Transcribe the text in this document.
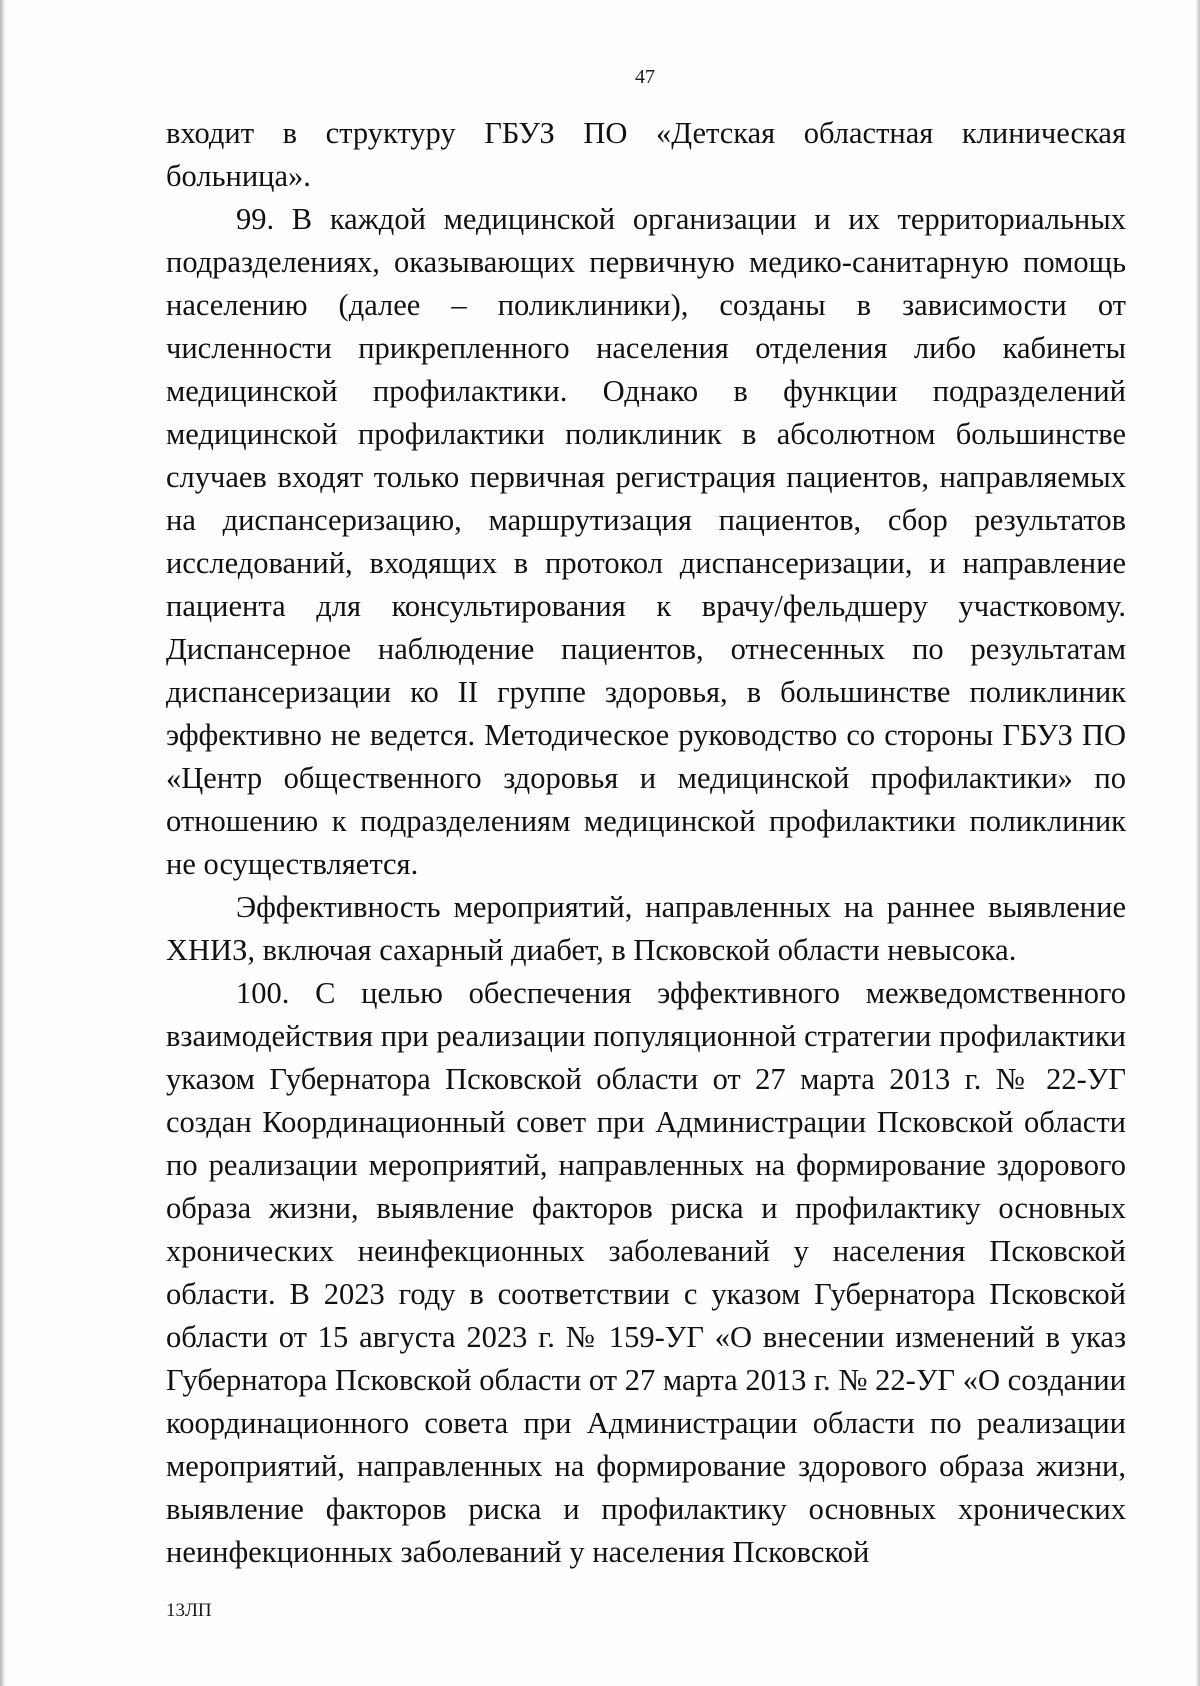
47

входит в структуру ГБУЗ ПО «Детская областная клиническая больница».

99. В каждой медицинской организации и их территориальных подразделениях, оказывающих первичную медико-санитарную помощь населению (далее – поликлиники), созданы в зависимости от численности прикрепленного населения отделения либо кабинеты медицинской профилактики. Однако в функции подразделений медицинской профилактики поликлиник в абсолютном большинстве случаев входят только первичная регистрация пациентов, направляемых на диспансеризацию, маршрутизация пациентов, сбор результатов исследований, входящих в протокол диспансеризации, и направление пациента для консультирования к врачу/фельдшеру участковому. Диспансерное наблюдение пациентов, отнесенных по результатам диспансеризации ко II группе здоровья, в большинстве поликлиник эффективно не ведется. Методическое руководство со стороны ГБУЗ ПО «Центр общественного здоровья и медицинской профилактики» по отношению к подразделениям медицинской профилактики поликлиник не осуществляется.

Эффективность мероприятий, направленных на раннее выявление ХНИЗ, включая сахарный диабет, в Псковской области невысока.

100. С целью обеспечения эффективного межведомственного взаимодействия при реализации популяционной стратегии профилактики указом Губернатора Псковской области от 27 марта 2013 г. № 22-УГ создан Координационный совет при Администрации Псковской области по реализации мероприятий, направленных на формирование здорового образа жизни, выявление факторов риска и профилактику основных хронических неинфекционных заболеваний у населения Псковской области. В 2023 году в соответствии с указом Губернатора Псковской области от 15 августа 2023 г. № 159-УГ «О внесении изменений в указ Губернатора Псковской области от 27 марта 2013 г. № 22-УГ «О создании координационного совета при Администрации области по реализации мероприятий, направленных на формирование здорового образа жизни, выявление факторов риска и профилактику основных хронических неинфекционных заболеваний у населения Псковской

13ЛП
